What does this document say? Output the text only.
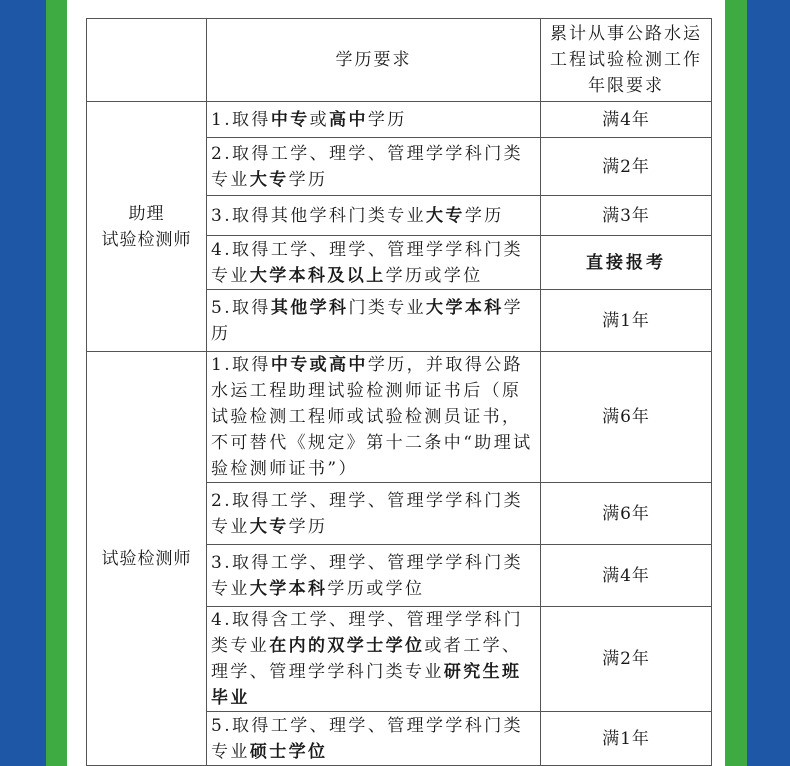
	学历要求	累计从事公路水运工程试验检测工作年限要求
助理
试验检测师	1.取得中专或高中学历	满4年
	2.取得工学、理学、管理学学科门类专业大专学历	满2年
	3.取得其他学科门类专业大专学历	满3年
	4.取得工学、理学、管理学学科门类专业大学本科及以上学历或学位	直接报考
	5.取得其他学科门类专业大学本科学历	满1年
试验检测师	1.取得中专或高中学历，并取得公路水运工程助理试验检测师证书后（原试验检测工程师或试验检测员证书，不可替代《规定》第十二条中“助理试验检测师证书”）	满6年
	2.取得工学、理学、管理学学科门类专业大专学历	满6年
	3.取得工学、理学、管理学学科门类专业大学本科学历或学位	满4年
	4.取得含工学、理学、管理学学科门类专业在内的双学士学位或者工学、理学、管理学学科门类专业研究生班毕业	满2年
	5.取得工学、理学、管理学学科门类专业硕士学位	满1年
